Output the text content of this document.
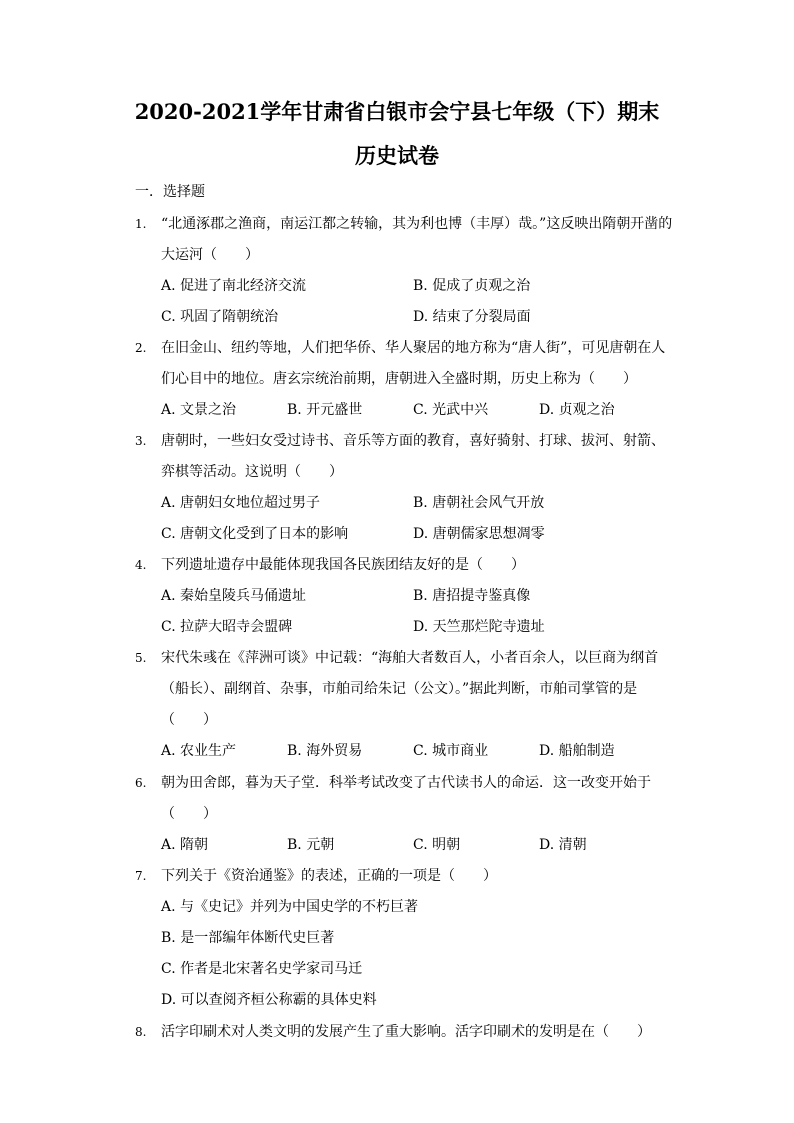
2020-2021学年甘肃省白银市会宁县七年级（下）期末
历史试卷
一．选择题
1. “北通涿郡之渔商，南运江都之转输，其为利也博（丰厚）哉。”这反映出隋朝开凿的大运河（　　）
A. 促进了南北经济交流	B. 促成了贞观之治
C. 巩固了隋朝统治	D. 结束了分裂局面
2. 在旧金山、纽约等地，人们把华侨、华人聚居的地方称为“唐人街”，可见唐朝在人们心目中的地位。唐玄宗统治前期，唐朝进入全盛时期，历史上称为（　　）
A. 文景之治	B. 开元盛世	C. 光武中兴	D. 贞观之治
3. 唐朝时，一些妇女受过诗书、音乐等方面的教育，喜好骑射、打球、拔河、射箭、弈棋等活动。这说明（　　）
A. 唐朝妇女地位超过男子	B. 唐朝社会风气开放
C. 唐朝文化受到了日本的影响	D. 唐朝儒家思想凋零
4. 下列遗址遗存中最能体现我国各民族团结友好的是（　　）
A. 秦始皇陵兵马俑遗址	B. 唐招提寺鉴真像
C. 拉萨大昭寺会盟碑	D. 天竺那烂陀寺遗址
5. 宋代朱彧在《萍洲可谈》中记载：“海舶大者数百人，小者百余人，以巨商为纲首（船长）、副纲首、杂事，市舶司给朱记（公文）。”据此判断，市舶司掌管的是（　　）
A. 农业生产	B. 海外贸易	C. 城市商业	D. 船舶制造
6. 朝为田舍郎，暮为天子堂．科举考试改变了古代读书人的命运．这一改变开始于（　　）
A. 隋朝	B. 元朝	C. 明朝	D. 清朝
7. 下列关于《资治通鉴》的表述，正确的一项是（　　）
A. 与《史记》并列为中国史学的不朽巨著
B. 是一部编年体断代史巨著
C. 作者是北宋著名史学家司马迁
D. 可以查阅齐桓公称霸的具体史料
8. 活字印刷术对人类文明的发展产生了重大影响。活字印刷术的发明是在（　　）
